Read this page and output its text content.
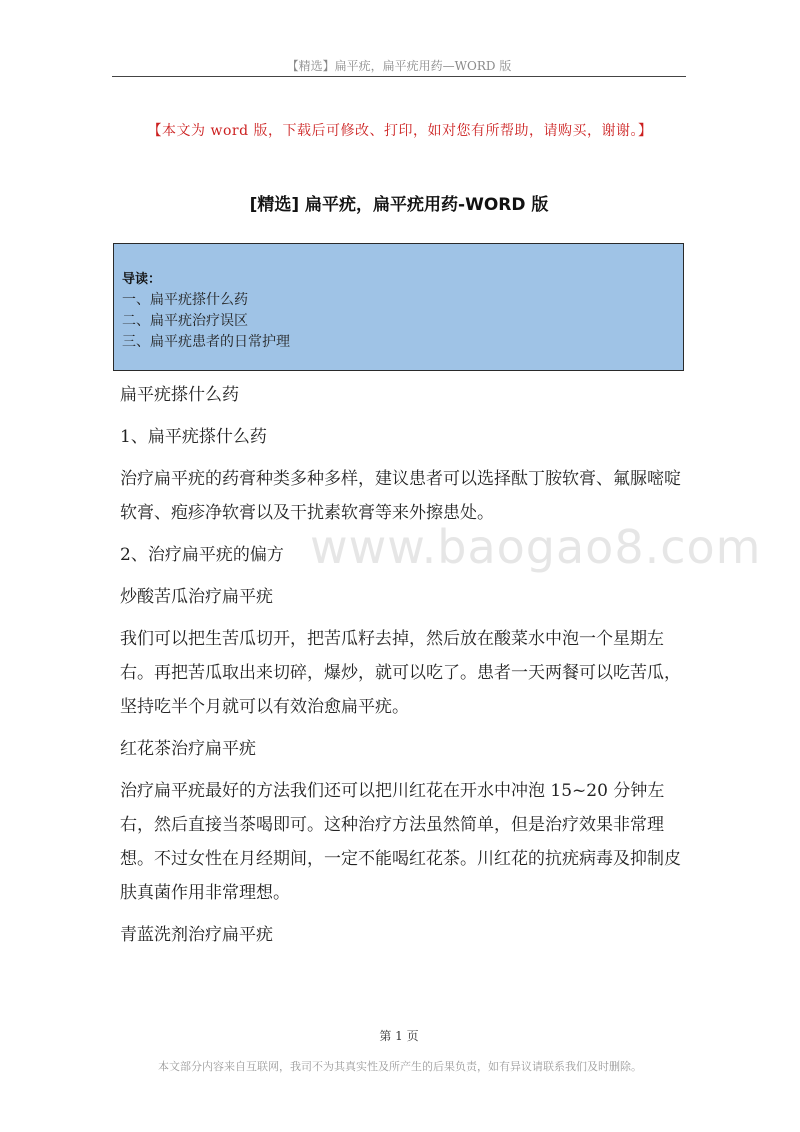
【精选】扁平疣，扁平疣用药—WORD 版
www.baogao8.com
【本文为 word 版，下载后可修改、打印，如对您有所帮助，请购买，谢谢。】
[精选] 扁平疣，扁平疣用药-WORD 版
导读：
一、扁平疣搽什么药
二、扁平疣治疗误区
三、扁平疣患者的日常护理

扁平疣搽什么药

1、扁平疣搽什么药

治疗扁平疣的药膏种类多种多样，建议患者可以选择酞丁胺软膏、氟脲嘧啶软膏、疱疹净软膏以及干扰素软膏等来外擦患处。

2、治疗扁平疣的偏方

炒酸苦瓜治疗扁平疣

我们可以把生苦瓜切开，把苦瓜籽去掉，然后放在酸菜水中泡一个星期左右。再把苦瓜取出来切碎，爆炒，就可以吃了。患者一天两餐可以吃苦瓜，坚持吃半个月就可以有效治愈扁平疣。

红花茶治疗扁平疣

治疗扁平疣最好的方法我们还可以把川红花在开水中冲泡 15~20 分钟左右，然后直接当茶喝即可。这种治疗方法虽然简单，但是治疗效果非常理想。不过女性在月经期间，一定不能喝红花茶。川红花的抗疣病毒及抑制皮肤真菌作用非常理想。

青蓝洗剂治疗扁平疣

第 1 页
本文部分内容来自互联网，我司不为其真实性及所产生的后果负责，如有异议请联系我们及时删除。
